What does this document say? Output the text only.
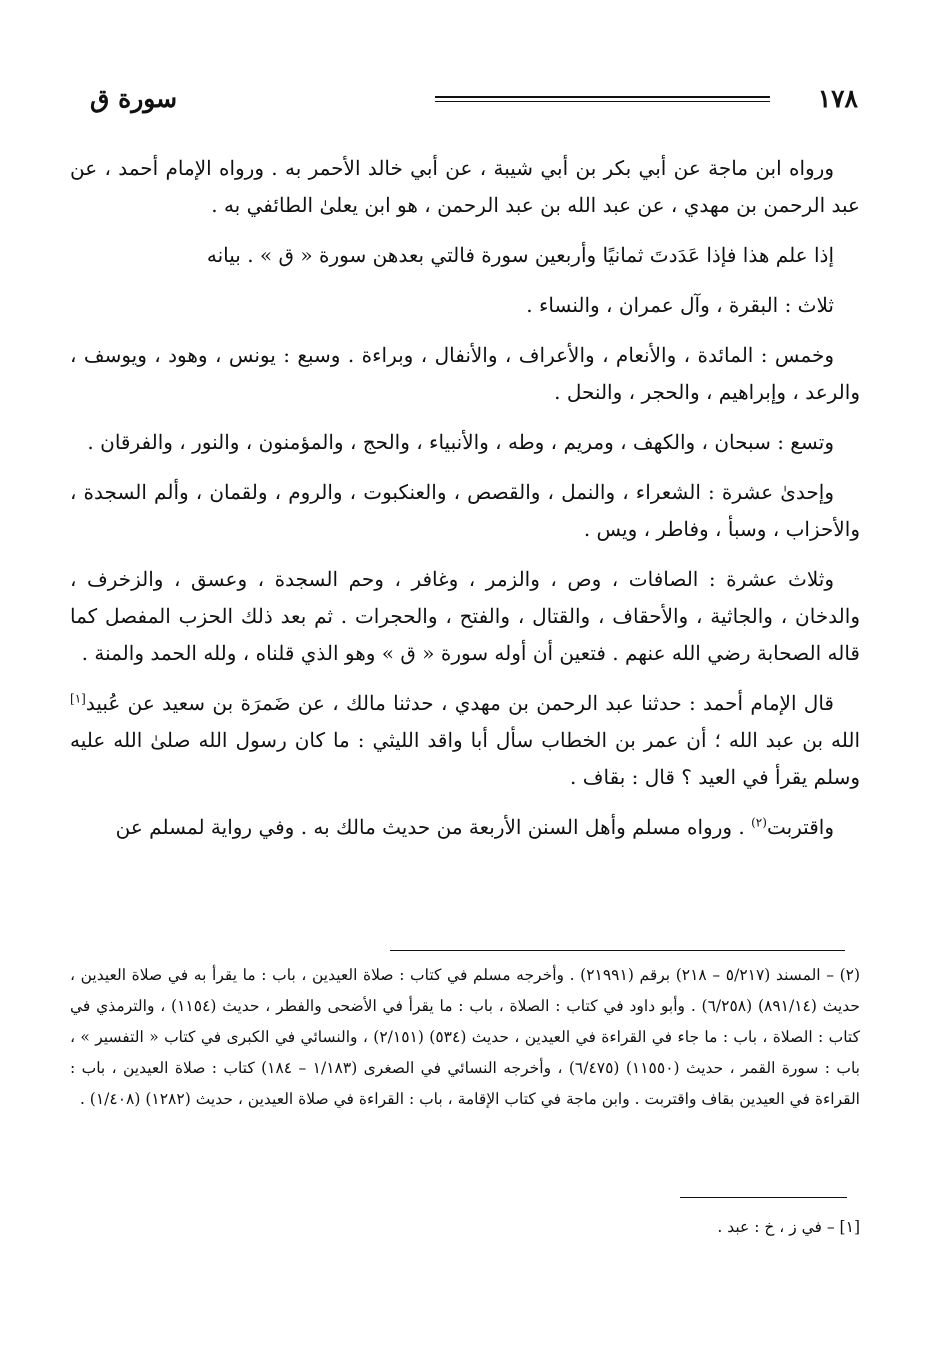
١٧٨
سورة ق

ورواه ابن ماجة عن أبي بكر بن أبي شيبة ، عن أبي خالد الأحمر به . ورواه الإمام أحمد ، عن عبد الرحمن بن مهدي ، عن عبد الله بن عبد الرحمن ، هو ابن يعلىٰ الطائفي به .

إذا علم هذا فإذا عَدَدتَ ثمانيًا وأربعين سورة فالتي بعدهن سورة « ق » . بيانه

ثلاث : البقرة ، وآل عمران ، والنساء .

وخمس : المائدة ، والأنعام ، والأعراف ، والأنفال ، وبراءة . وسبع : يونس ، وهود ، ويوسف ، والرعد ، وإبراهيم ، والحجر ، والنحل .

وتسع : سبحان ، والكهف ، ومريم ، وطه ، والأنبياء ، والحج ، والمؤمنون ، والنور ، والفرقان .

وإحدىٰ عشرة : الشعراء ، والنمل ، والقصص ، والعنكبوت ، والروم ، ولقمان ، وألم السجدة ، والأحزاب ، وسبأ ، وفاطر ، ويس .

وثلاث عشرة : الصافات ، وص ، والزمر ، وغافر ، وحم السجدة ، وعسق ، والزخرف ، والدخان ، والجاثية ، والأحقاف ، والقتال ، والفتح ، والحجرات . ثم بعد ذلك الحزب المفصل كما قاله الصحابة رضي الله عنهم . فتعين أن أوله سورة « ق » وهو الذي قلناه ، ولله الحمد والمنة .

قال الإمام أحمد : حدثنا عبد الرحمن بن مهدي ، حدثنا مالك ، عن ضَمرَة بن سعيد عن عُبيد[١] الله بن عبد الله ؛ أن عمر بن الخطاب سأل أبا واقد الليثي : ما كان رسول الله صلىٰ الله عليه وسلم يقرأ في العيد ؟ قال : بقاف .

واقتربت$^{(٢)}$ . ورواه مسلم وأهل السنن الأربعة من حديث مالك به . وفي رواية لمسلم عن

(٢) – المسند (٥/٢١٧ – ٢١٨) برقم (٢١٩٩١) . وأخرجه مسلم في كتاب : صلاة العيدين ، باب : ما يقرأ به في صلاة العيدين ، حديث (٨٩١/١٤) (٦/٢٥٨) . وأبو داود في كتاب : الصلاة ، باب : ما يقرأ في الأضحى والفطر ، حديث (١١٥٤) ، والترمذي في كتاب : الصلاة ، باب : ما جاء في القراءة في العيدين ، حديث (٥٣٤) (٢/١٥١) ، والنسائي في الكبرى في كتاب « التفسير » ، باب : سورة القمر ، حديث (١١٥٥٠) (٦/٤٧٥) ، وأخرجه النسائي في الصغرى (١/١٨٣ – ١٨٤) كتاب : صلاة العيدين ، باب : القراءة في العيدين بقاف واقتربت . وابن ماجة في كتاب الإقامة ، باب : القراءة في صلاة العيدين ، حديث (١٢٨٢) (١/٤٠٨) .

[١] – في ز ، خ : عبد .
